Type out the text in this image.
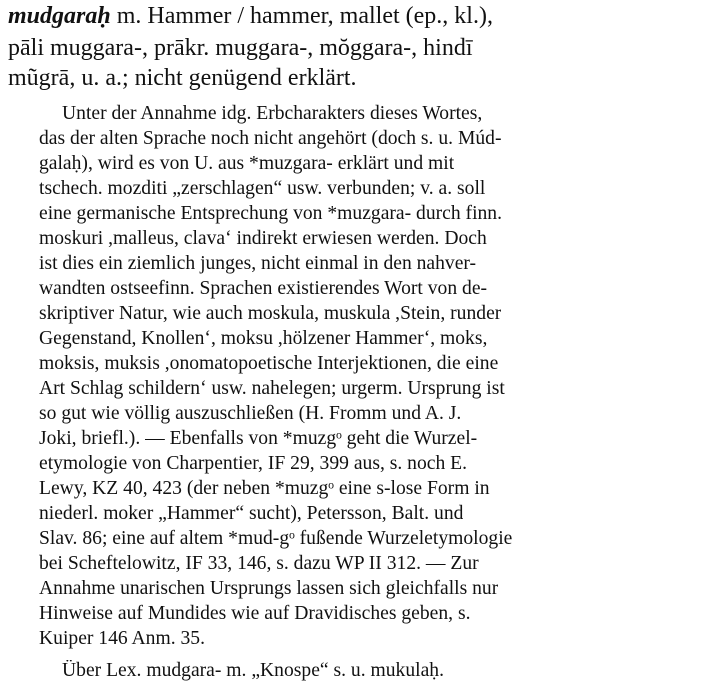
mudgaraḥ m. Hammer / hammer, mallet (ep., kl.),
pāli muggara-, prākr. muggara-, mŏggara-, hindī
mũgrā, u. a.; nicht genügend erklärt.
Unter der Annahme idg. Erbcharakters dieses Wortes,
das der alten Sprache noch nicht angehört (doch s. u. Múd-
galaḥ), wird es von U. aus *muzgara- erklärt und mit
tschech. mozditi „zerschlagen“ usw. verbunden; v. a. soll
eine germanische Entsprechung von *muzgara- durch finn.
moskuri ,malleus, clava‘ indirekt erwiesen werden. Doch
ist dies ein ziemlich junges, nicht einmal in den nahver-
wandten ostseefinn. Sprachen existierendes Wort von de-
skriptiver Natur, wie auch moskula, muskula ,Stein, runder
Gegenstand, Knollen‘, moksu ,hölzener Hammer‘, moks,
moksis, muksis ,onomatopoetische Interjektionen, die eine
Art Schlag schildern‘ usw. nahelegen; urgerm. Ursprung ist
so gut wie völlig auszuschließen (H. Fromm und A. J.
Joki, briefl.). — Ebenfalls von *muzgᵒ geht die Wurzel-
etymologie von Charpentier, IF 29, 399 aus, s. noch E.
Lewy, KZ 40, 423 (der neben *muzgᵒ eine s-lose Form in
niederl. moker „Hammer“ sucht), Petersson, Balt. und
Slav. 86; eine auf altem *mud-gᵒ fußende Wurzeletymologie
bei Scheftelowitz, IF 33, 146, s. dazu WP II 312. — Zur
Annahme unarischen Ursprungs lassen sich gleichfalls nur
Hinweise auf Mundides wie auf Dravidisches geben, s.
Kuiper 146 Anm. 35.
Über Lex. mudgara- m. „Knospe“ s. u. mukulaḥ.
